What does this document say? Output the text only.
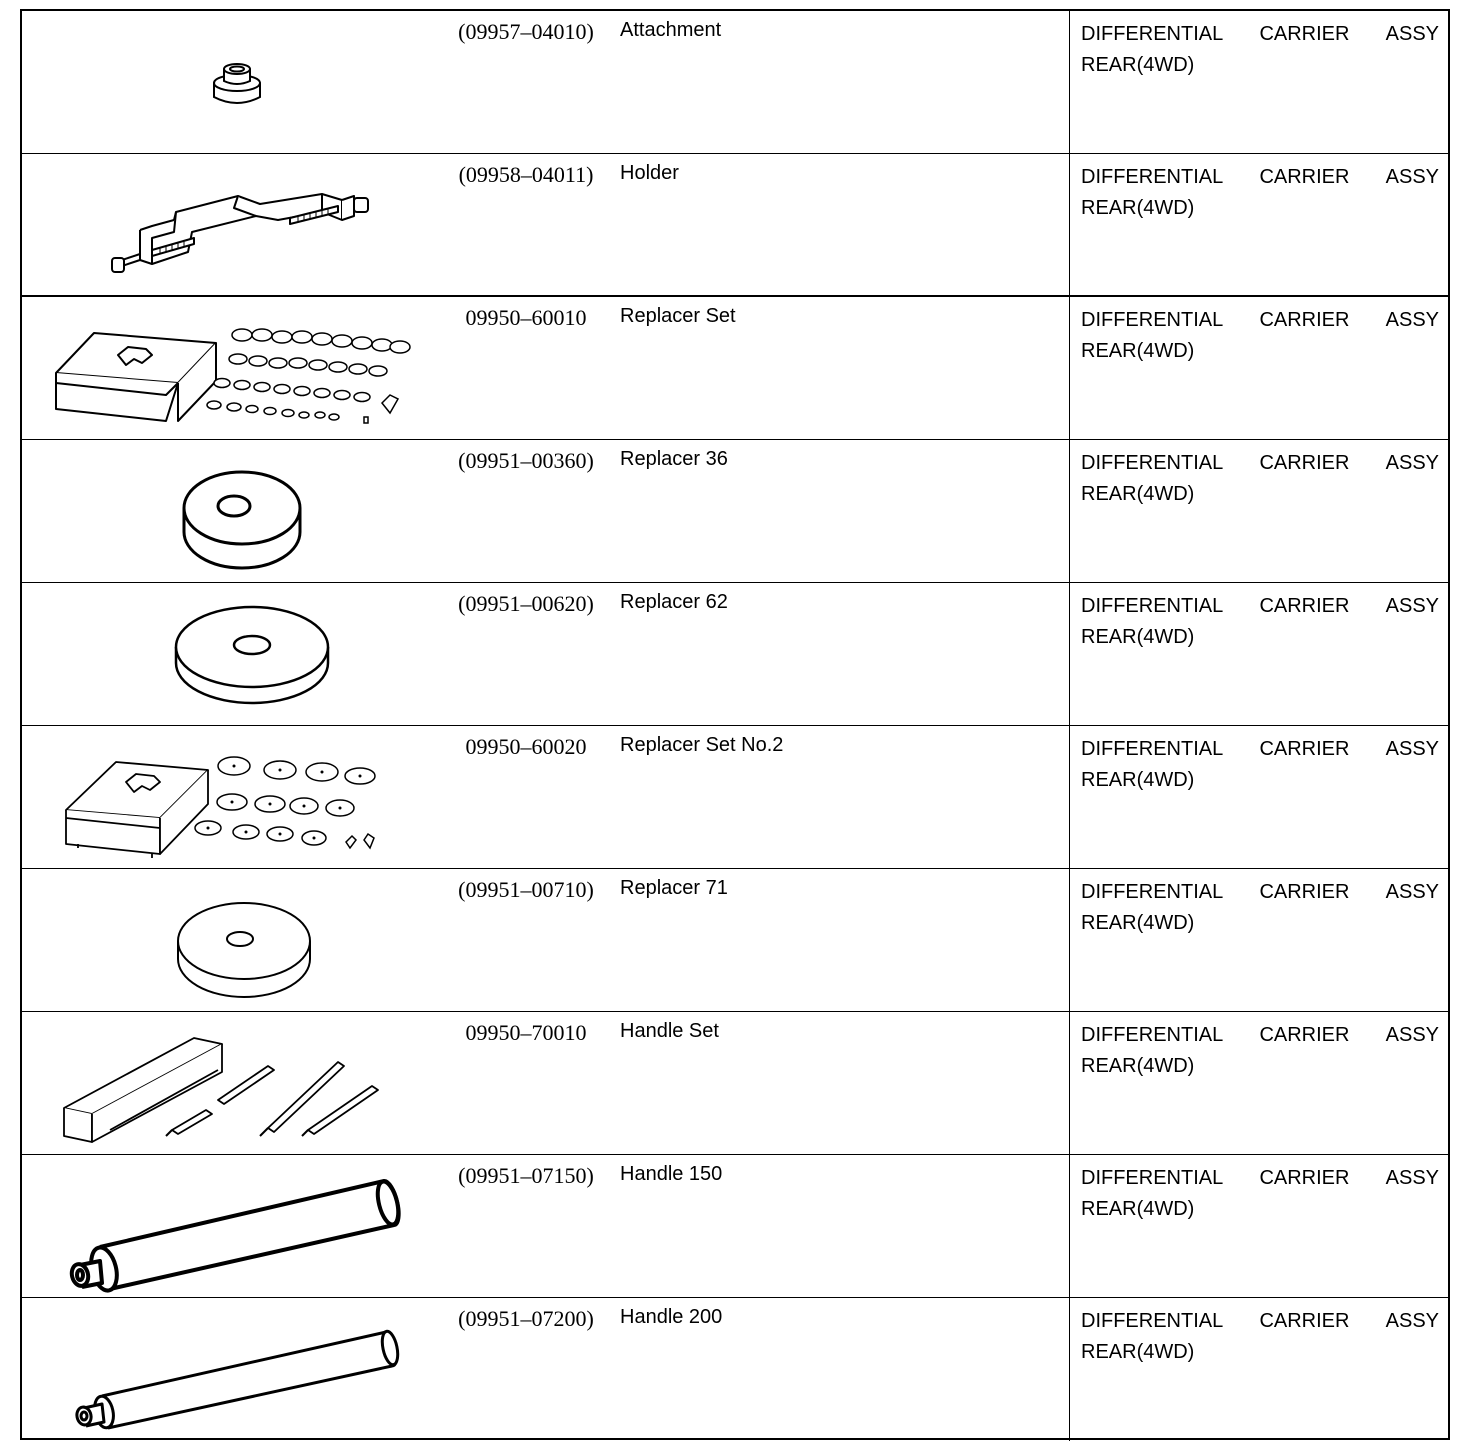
(09957–04010)	Attachment	DIFFERENTIAL CARRIER ASSY
REAR(4WD)
(09958–04011)	Holder	DIFFERENTIAL CARRIER ASSY
REAR(4WD)
09950–60010	Replacer Set	DIFFERENTIAL CARRIER ASSY
REAR(4WD)
(09951–00360)	Replacer 36	DIFFERENTIAL CARRIER ASSY
REAR(4WD)
(09951–00620)	Replacer 62	DIFFERENTIAL CARRIER ASSY
REAR(4WD)
09950–60020	Replacer Set No.2	DIFFERENTIAL CARRIER ASSY
REAR(4WD)
(09951–00710)	Replacer 71	DIFFERENTIAL CARRIER ASSY
REAR(4WD)
09950–70010	Handle Set	DIFFERENTIAL CARRIER ASSY
REAR(4WD)
(09951–07150)	Handle 150	DIFFERENTIAL CARRIER ASSY
REAR(4WD)
(09951–07200)	Handle 200	DIFFERENTIAL CARRIER ASSY
REAR(4WD)
